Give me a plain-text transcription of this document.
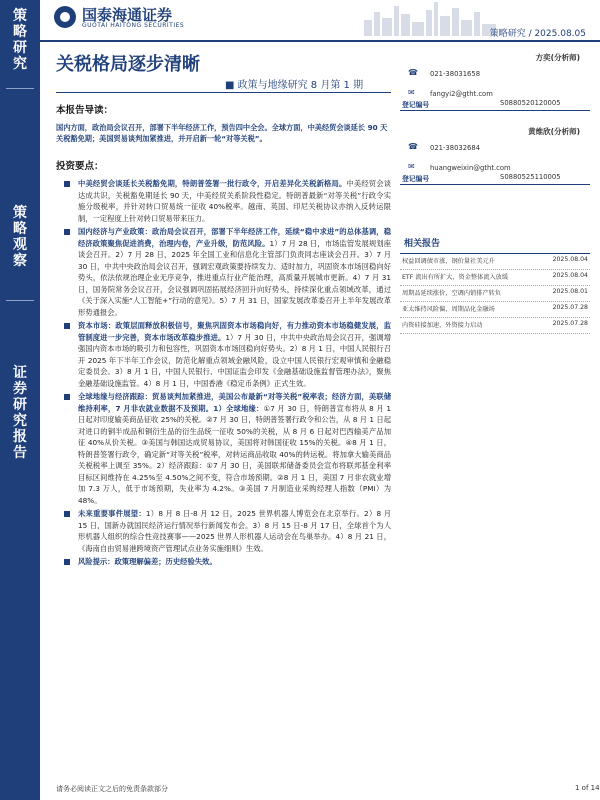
策
略
研
究
策
略
观
察
证
券
研
究
报
告
国泰海通证券
GUOTAI HAITONG SECURITIES
策略研究 / 2025.08.05
关税格局逐步清晰
■ 政策与地缘研究 8 月第 1 期
方奕(分析师)
☎ 021-38031658
✉	fangyi2@gtht.com
登记编号	S0880520120005
黄维欣(分析师)
☎ 021-38032684
✉	huangweixin@gtht.com
登记编号	S0880525110005
相关报告
权益回调债市涨，钢价量社美元升	2025.08.04
ETF 流出有所扩大，资金整体流入放缓	2025.08.04
周期品延续涨价，空调内销排产转负	2025.08.01
亚太维持风险偏，周期品化金融场	2025.07.28
内资硅接加速，外资接力启动	2025.07.28
本报告导读：
国内方面，政治局会议召开，部署下半年经济工作，预告四中全会。全球方面，中美经贸会谈延长 90 天关税豁免期；美国贸易谈判加紧推进，并开启新一轮“对等关税”。
投资要点：
中美经贸会谈延长关税豁免期，特朗普签署一批行政令，开启差异化关税新格局。中美经贸会谈达成共识，关税豁免期延长 90 天，中美经贸关系阶段性稳定。特朗普最新“对等关税”行政令实施分级税率，并针对转口贸易统一征收 40%税率。越南、英国、印尼关税协议亦纳入反转运限制，一定程度上针对转口贸易带来压力。
国内经济与产业政策：政治局会议召开，部署下半年经济工作，延续“稳中求进”的总体基调，稳经济政策聚焦促进消费，治理内卷，产业升级，防范风险。1）7 月 28 日，市场监管发展规划座谈会召开。2）7 月 28 日，2025 年全国工业和信息化主管部门负责同志座谈会召开。3）7 月 30 日，中共中央政治局会议召开，强调宏观政策要持续发力、适时加力，巩固资本市场回稳向好势头，依法依规治理企业无序竞争，推进重点行业产能治理，高质量开展城市更新。4）7 月 31 日，国务院常务会议召开，会议强调巩固拓展经济回升向好势头，持续深化重点领域改革，通过《关于深入实施“人工智能+”行动的意见》。5）7 月 31 日，国家发展改革委召开上半年发展改革形势通报会。
资本市场：政策层面释放积极信号，聚焦巩固资本市场稳向好，有力推动资本市场稳健发展，监管制度进一步完善，资本市场改革稳步推进。1）7 月 30 日，中共中央政治局会议召开，强调增强国内资本市场的吸引力和包容性，巩固资本市场回稳向好势头。2）8 月 1 日，中国人民银行召开 2025 年下半年工作会议，防范化解重点领域金融风险，设立中国人民银行宏观审慎和金融稳定委员会。3）8 月 1 日，中国人民银行、中国证监会印发《金融基础设施监督管理办法》，聚焦金融基础设施监管。4）8 月 1 日，中国香港《稳定币条例》正式生效。
全球地缘与经济跟踪：贸易谈判加紧推进，美国公布最新“对等关税”税率表；经济方面，美联储维持利率，7 月非农就业数据不及预期。1）全球地缘：①7 月 30 日，特朗普宣布将从 8 月 1 日起对印度输美商品征收 25%的关税。②7 月 30 日，特朗普签署行政令和公告，从 8 月 1 日起对进口的铜半成品和铜衍生品的衍生品统一征收 50%的关税，从 8 月 6 日起对巴西输美产品加征 40%从价关税。③美国与韩国达成贸易协议，美国将对韩国征收 15%的关税。④8 月 1 日，特朗普签署行政令，确定新“对等关税”税率，对转运商品收取 40%的转运税。将加拿大输美商品关税税率上调至 35%。2）经济跟踪：①7 月 30 日，美国联邦储备委员会宣布将联邦基金利率目标区间维持在 4.25%至 4.50%之间不变，符合市场预期。②8 月 1 日，美国 7 月非农就业增加 7.3 万人，低于市场预期，失业率为 4.2%。③美国 7 月制造业采购经理人指数（PMI）为 48%。
未来重要事件展望：1）8 月 8 日-8 月 12 日，2025 世界机器人博览会在北京举行。2）8 月 15 日，国新办就国民经济运行情况举行新闻发布会。3）8 月 15 日-8 月 17 日，全球首个为人形机器人组织的综合性竞技赛事——2025 世界人形机器人运动会在鸟巢举办。4）8 月 21 日，《海南自由贸易港跨境资产管理试点业务实施细则》生效。
风险提示：政策理解偏差；历史经验失效。
请务必阅读正文之后的免责条款部分	1 of 14
